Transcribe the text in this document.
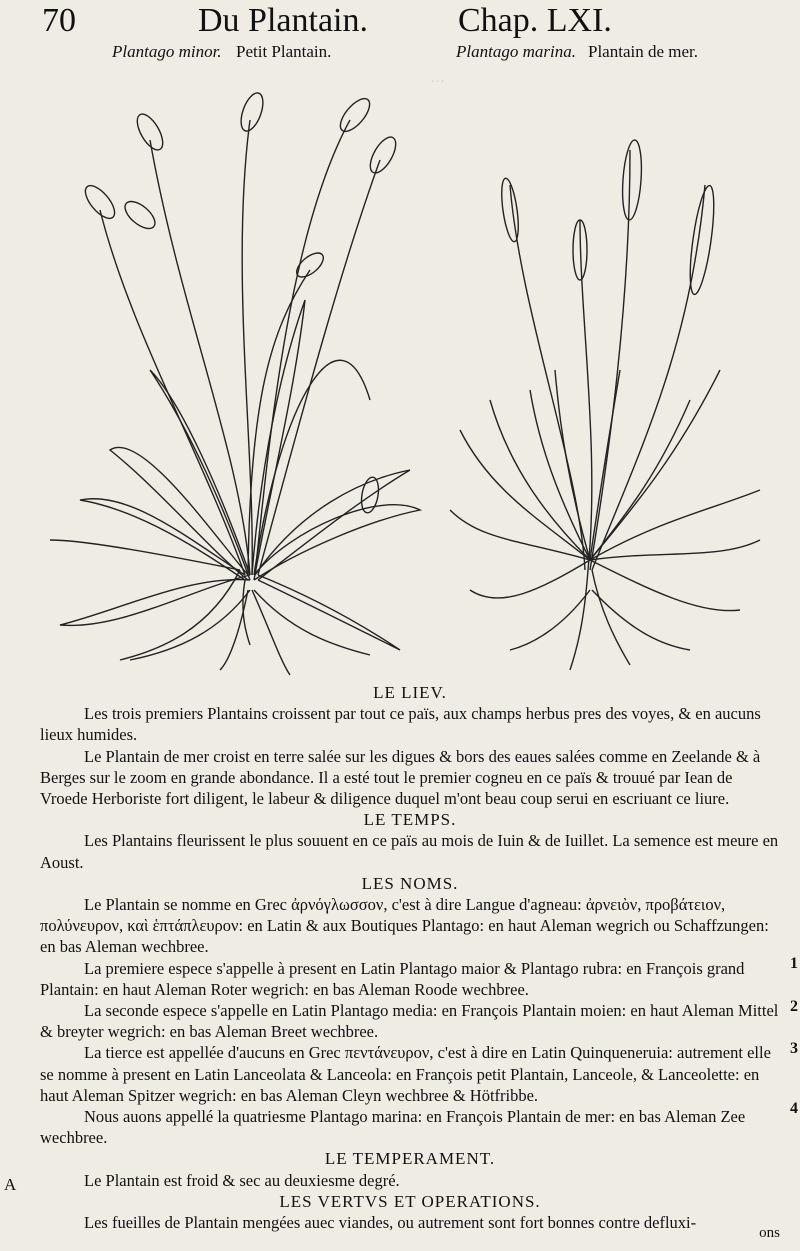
70	Du Plantain.	Chap. LXI.
Plantago minor. Petit Plantain.	Plantago marina. Plantain de mer.
…

LE LIEV.

Les trois premiers Plantains croissent par tout ce païs, aux champs herbus pres des voyes, & en aucuns lieux humides.

Le Plantain de mer croist en terre salée sur les digues & bors des eaues salées comme en Zeelande & à Berges sur le zoom en grande abondance. Il a esté tout le premier cogneu en ce païs & trouué par Iean de Vroede Herboriste fort diligent, le labeur & diligence duquel m'ont beau coup serui en escriuant ce liure.

LE TEMPS.

Les Plantains fleurissent le plus souuent en ce païs au mois de Iuin & de Iuillet. La semence est meure en Aoust.

LES NOMS.

Le Plantain se nomme en Grec ἀρνόγλωσσον, c'est à dire Langue d'agneau: ἀρνειὸν, προβάτειον, πολύνευρον, καὶ ἑπτάπλευρον: en Latin & aux Boutiques Plantago: en haut Aleman wegrich ou Schaffzungen: en bas Aleman wechbree.

La premiere espece s'appelle à present en Latin Plantago maior & Plantago rubra: en François grand Plantain: en haut Aleman Roter wegrich: en bas Aleman Roode wechbree.

La seconde espece s'appelle en Latin Plantago media: en François Plantain moien: en haut Aleman Mittel & breyter wegrich: en bas Aleman Breet wechbree.

La tierce est appellée d'aucuns en Grec πεντάνευρον, c'est à dire en Latin Quinqueneruia: autrement elle se nomme à present en Latin Lanceolata & Lanceola: en François petit Plantain, Lanceole, & Lanceolette: en haut Aleman Spitzer wegrich: en bas Aleman Cleyn wechbree & Hötfribbe.

Nous auons appellé la quatriesme Plantago marina: en François Plantain de mer: en bas Aleman Zee wechbree.

LE TEMPERAMENT.

Le Plantain est froid & sec au deuxiesme degré.

LES VERTVS ET OPERATIONS.

Les fueilles de Plantain mengées auec viandes, ou autrement sont fort bonnes contre defluxi-

A
1
2
3
4
ons
